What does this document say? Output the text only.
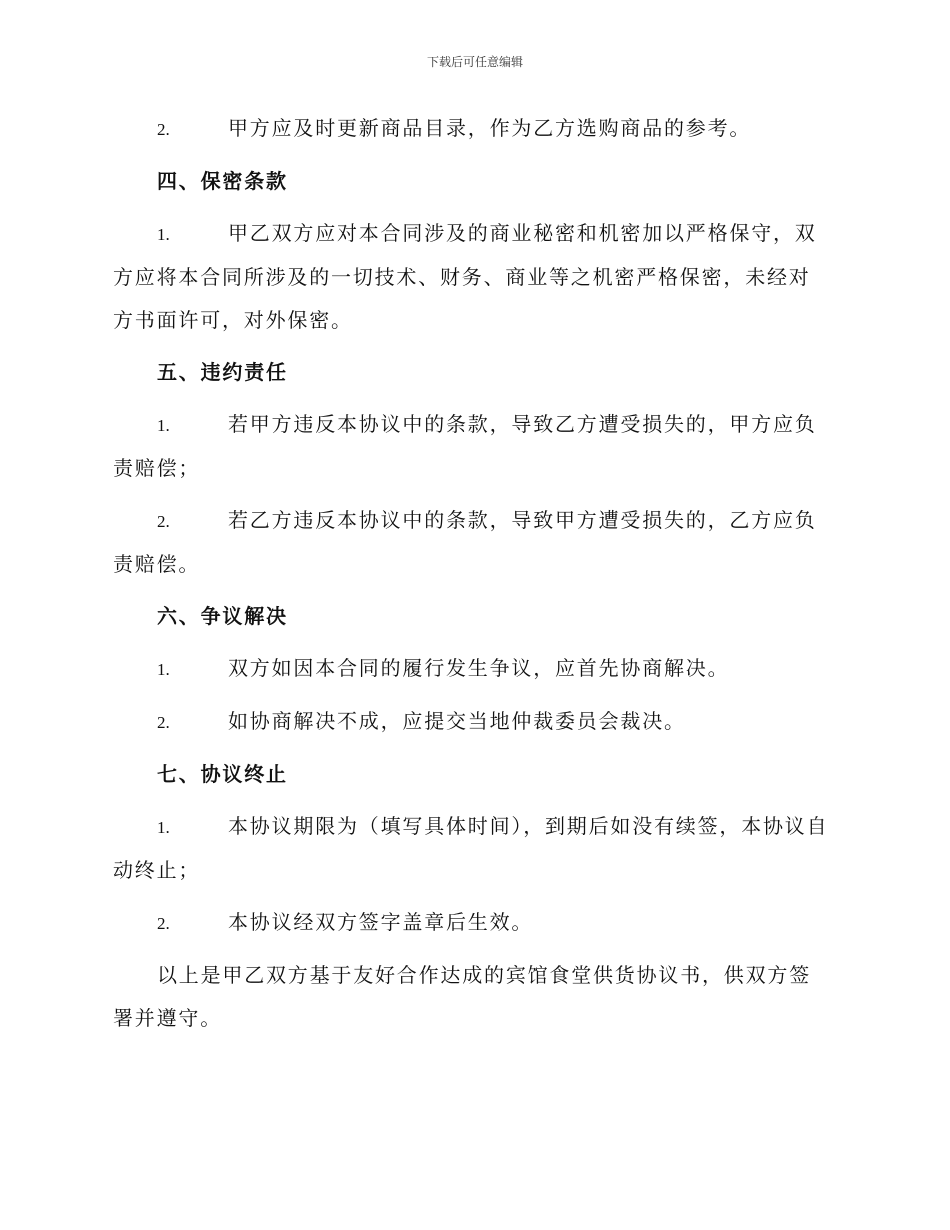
下载后可任意编辑
2.	甲方应及时更新商品目录，作为乙方选购商品的参考。
四、保密条款
1.	甲乙双方应对本合同涉及的商业秘密和机密加以严格保守，双方应将本合同所涉及的一切技术、财务、商业等之机密严格保密，未经对方书面许可，对外保密。
五、违约责任
1.	若甲方违反本协议中的条款，导致乙方遭受损失的，甲方应负责赔偿；
2.	若乙方违反本协议中的条款，导致甲方遭受损失的，乙方应负责赔偿。
六、争议解决
1.	双方如因本合同的履行发生争议，应首先协商解决。
2.	如协商解决不成，应提交当地仲裁委员会裁决。
七、协议终止
1.	本协议期限为（填写具体时间），到期后如没有续签，本协议自动终止；
2.	本协议经双方签字盖章后生效。
以上是甲乙双方基于友好合作达成的宾馆食堂供货协议书，供双方签署并遵守。
